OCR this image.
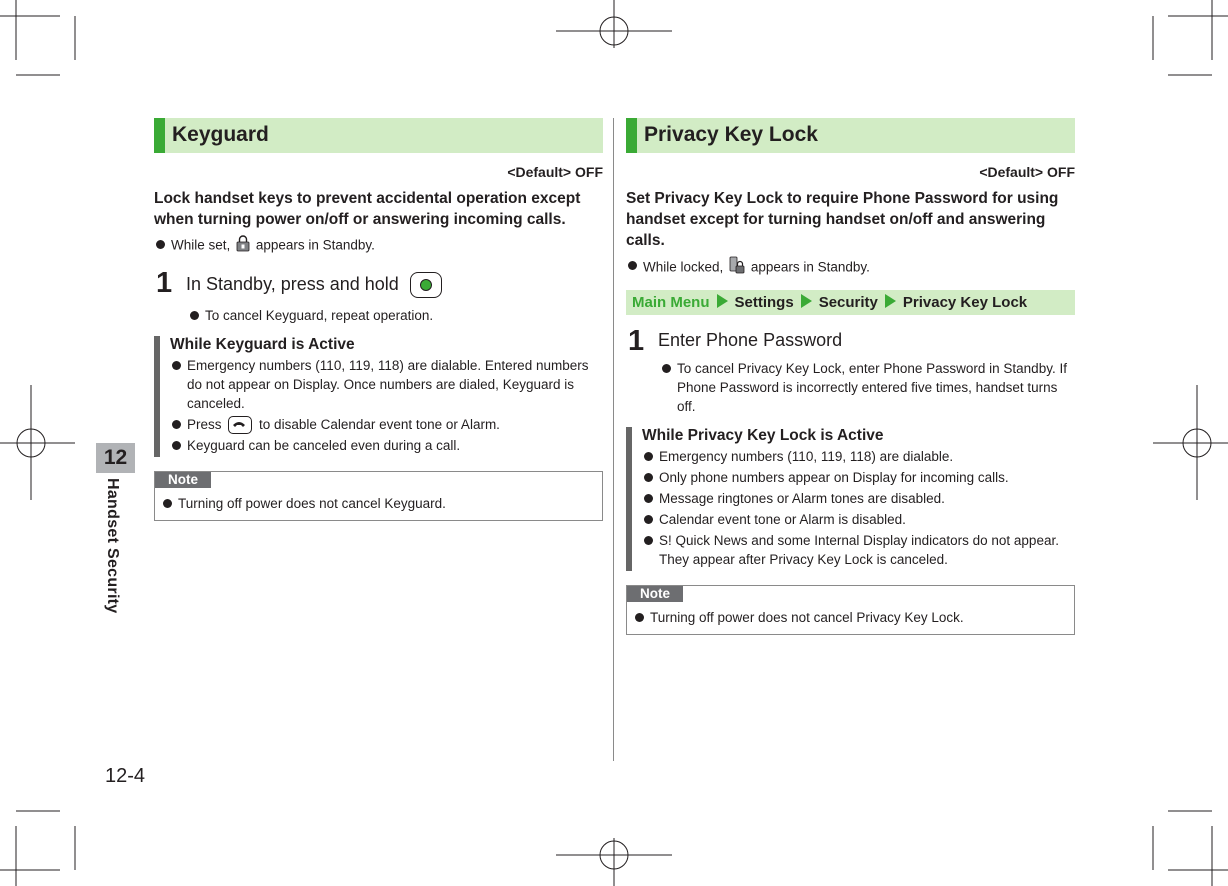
12
Handset Security
12-4
Keyguard
<Default> OFF
Lock handset keys to prevent accidental operation except when turning power on/off or answering incoming calls.
While set, appears in Standby.
1 In Standby, press and hold
To cancel Keyguard, repeat operation.
While Keyguard is Active
Emergency numbers (110, 119, 118) are dialable. Entered numbers do not appear on Display. Once numbers are dialed, Keyguard is canceled.
Press	to disable Calendar event tone or Alarm.
Keyguard can be canceled even during a call.
Note
Turning off power does not cancel Keyguard.
Privacy Key Lock
<Default> OFF
Set Privacy Key Lock to require Phone Password for using handset except for turning handset on/off and answering calls.
While locked, appears in Standby.
Main Menu Settings Security Privacy Key Lock
1 Enter Phone Password
To cancel Privacy Key Lock, enter Phone Password in Standby. If Phone Password is incorrectly entered five times, handset turns off.
While Privacy Key Lock is Active
Emergency numbers (110, 119, 118) are dialable.
Only phone numbers appear on Display for incoming calls.
Message ringtones or Alarm tones are disabled.
Calendar event tone or Alarm is disabled.
S! Quick News and some Internal Display indicators do not appear. They appear after Privacy Key Lock is canceled.
Note
Turning off power does not cancel Privacy Key Lock.
